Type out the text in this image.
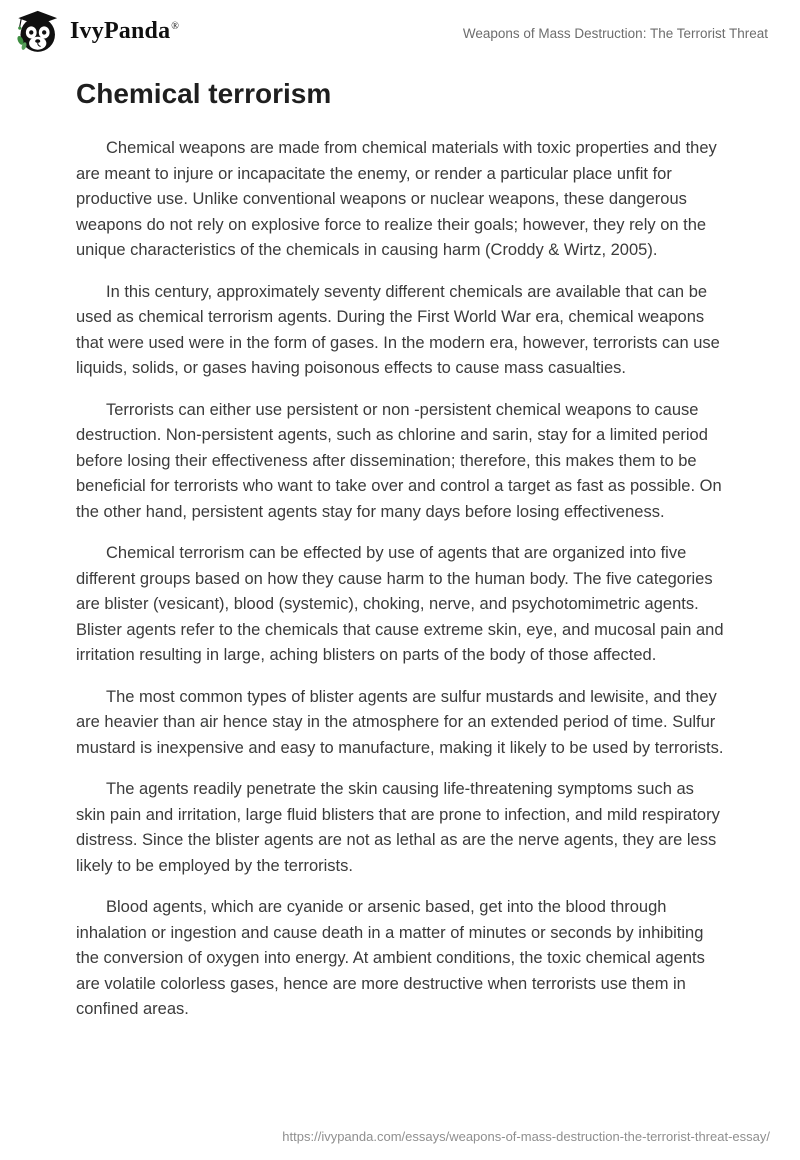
IvyPanda®	Weapons of Mass Destruction: The Terrorist Threat
Chemical terrorism

Chemical weapons are made from chemical materials with toxic properties and they are meant to injure or incapacitate the enemy, or render a particular place unfit for productive use. Unlike conventional weapons or nuclear weapons, these dangerous weapons do not rely on explosive force to realize their goals; however, they rely on the unique characteristics of the chemicals in causing harm (Croddy & Wirtz, 2005).

In this century, approximately seventy different chemicals are available that can be used as chemical terrorism agents. During the First World War era, chemical weapons that were used were in the form of gases. In the modern era, however, terrorists can use liquids, solids, or gases having poisonous effects to cause mass casualties.

Terrorists can either use persistent or non -persistent chemical weapons to cause destruction. Non-persistent agents, such as chlorine and sarin, stay for a limited period before losing their effectiveness after dissemination; therefore, this makes them to be beneficial for terrorists who want to take over and control a target as fast as possible. On the other hand, persistent agents stay for many days before losing effectiveness.

Chemical terrorism can be effected by use of agents that are organized into five different groups based on how they cause harm to the human body. The five categories are blister (vesicant), blood (systemic), choking, nerve, and psychotomimetric agents. Blister agents refer to the chemicals that cause extreme skin, eye, and mucosal pain and irritation resulting in large, aching blisters on parts of the body of those affected.

The most common types of blister agents are sulfur mustards and lewisite, and they are heavier than air hence stay in the atmosphere for an extended period of time. Sulfur mustard is inexpensive and easy to manufacture, making it likely to be used by terrorists.

The agents readily penetrate the skin causing life-threatening symptoms such as skin pain and irritation, large fluid blisters that are prone to infection, and mild respiratory distress. Since the blister agents are not as lethal as are the nerve agents, they are less likely to be employed by the terrorists.

Blood agents, which are cyanide or arsenic based, get into the blood through inhalation or ingestion and cause death in a matter of minutes or seconds by inhibiting the conversion of oxygen into energy. At ambient conditions, the toxic chemical agents are volatile colorless gases, hence are more destructive when terrorists use them in confined areas.

https://ivypanda.com/essays/weapons-of-mass-destruction-the-terrorist-threat-essay/
